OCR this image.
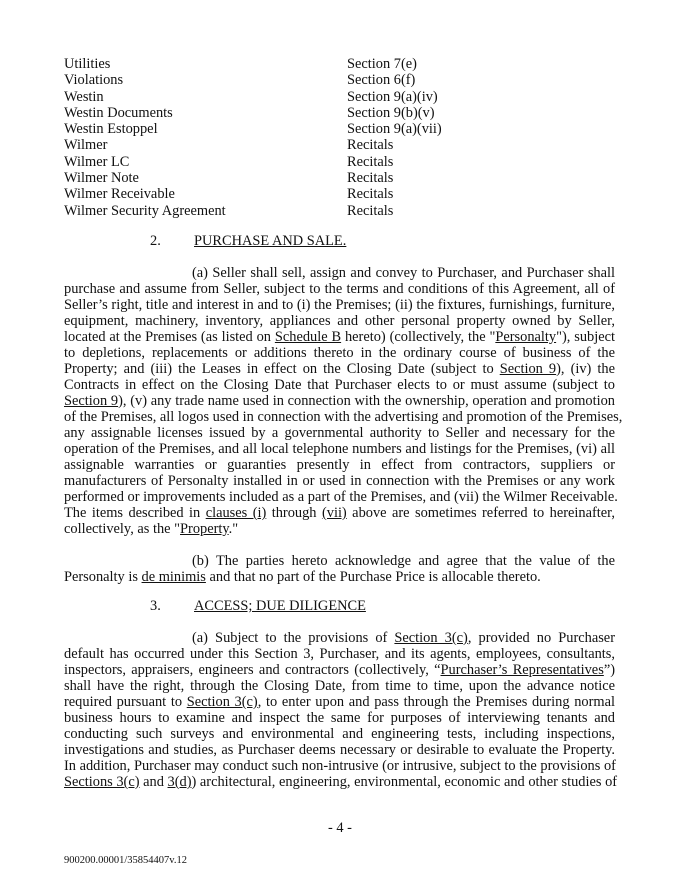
Utilities	Section 7(e)
Violations	Section 6(f)
Westin	Section 9(a)(iv)
Westin Documents	Section 9(b)(v)
Westin Estoppel	Section 9(a)(vii)
Wilmer	Recitals
Wilmer LC	Recitals
Wilmer Note	Recitals
Wilmer Receivable	Recitals
Wilmer Security Agreement	Recitals
2. PURCHASE AND SALE.
(a) Seller shall sell, assign and convey to Purchaser, and Purchaser shall
purchase and assume from Seller, subject to the terms and conditions of this Agreement, all of
Seller’s right, title and interest in and to (i) the Premises; (ii) the fixtures, furnishings, furniture,
equipment, machinery, inventory, appliances and other personal property owned by Seller,
located at the Premises (as listed on Schedule B hereto) (collectively, the "Personalty"), subject
to depletions, replacements or additions thereto in the ordinary course of business of the
Property; and (iii) the Leases in effect on the Closing Date (subject to Section 9), (iv) the
Contracts in effect on the Closing Date that Purchaser elects to or must assume (subject to
Section 9), (v) any trade name used in connection with the ownership, operation and promotion
of the Premises, all logos used in connection with the advertising and promotion of the Premises,
any assignable licenses issued by a governmental authority to Seller and necessary for the
operation of the Premises, and all local telephone numbers and listings for the Premises, (vi) all
assignable warranties or guaranties presently in effect from contractors, suppliers or
manufacturers of Personalty installed in or used in connection with the Premises or any work
performed or improvements included as a part of the Premises, and (vii) the Wilmer Receivable.
The items described in clauses (i) through (vii) above are sometimes referred to hereinafter,
collectively, as the "Property."
(b) The parties hereto acknowledge and agree that the value of the
Personalty is de minimis and that no part of the Purchase Price is allocable thereto.
3. ACCESS; DUE DILIGENCE
(a) Subject to the provisions of Section 3(c), provided no Purchaser
default has occurred under this Section 3, Purchaser, and its agents, employees, consultants,
inspectors, appraisers, engineers and contractors (collectively, “Purchaser’s Representatives”)
shall have the right, through the Closing Date, from time to time, upon the advance notice
required pursuant to Section 3(c), to enter upon and pass through the Premises during normal
business hours to examine and inspect the same for purposes of interviewing tenants and
conducting such surveys and environmental and engineering tests, including inspections,
investigations and studies, as Purchaser deems necessary or desirable to evaluate the Property.
In addition, Purchaser may conduct such non-intrusive (or intrusive, subject to the provisions of
Sections 3(c) and 3(d)) architectural, engineering, environmental, economic and other studies of
- 4 -
900200.00001/35854407v.12
